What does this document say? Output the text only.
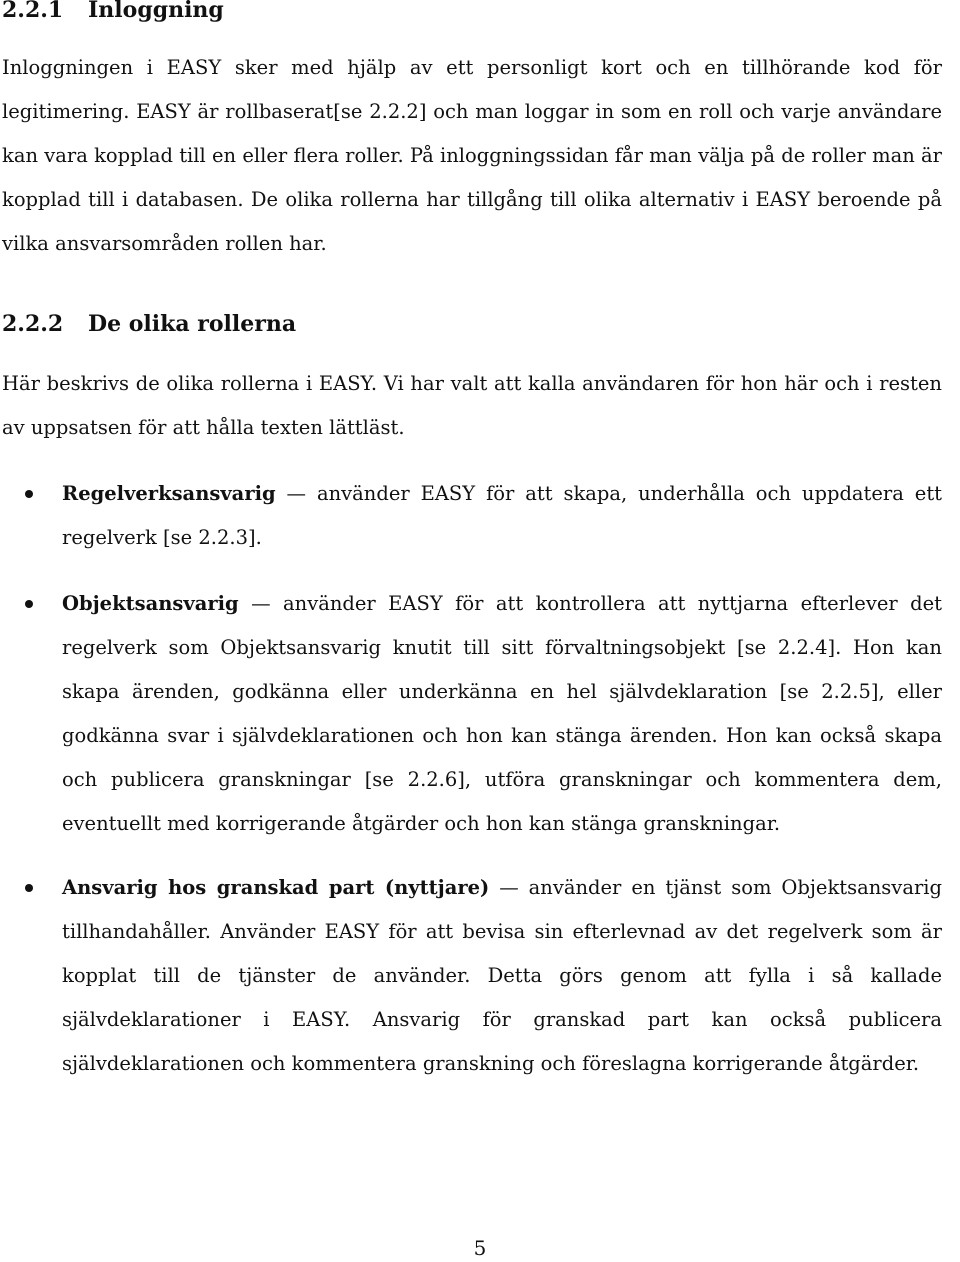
2.2.1 Inloggning

Inloggningen i EASY sker med hjälp av ett personligt kort och en tillhörande kod för legitimering. EASY är rollbaserat[se 2.2.2] och man loggar in som en roll och varje användare kan vara kopplad till en eller flera roller. På inloggningssidan får man välja på de roller man är kopplad till i databasen. De olika rollerna har tillgång till olika alternativ i EASY beroende på vilka ansvarsområden rollen har.

2.2.2 De olika rollerna

Här beskrivs de olika rollerna i EASY. Vi har valt att kalla användaren för hon här och i resten av uppsatsen för att hålla texten lättläst.

Regelverksansvarig — använder EASY för att skapa, underhålla och uppdatera ett regelverk [se 2.2.3].

Objektsansvarig — använder EASY för att kontrollera att nyttjarna efterlever det regelverk som Objektsansvarig knutit till sitt förvaltningsobjekt [se 2.2.4]. Hon kan skapa ärenden, godkänna eller underkänna en hel självdeklaration [se 2.2.5], eller godkänna svar i självdeklarationen och hon kan stänga ärenden. Hon kan också skapa och publicera granskningar [se 2.2.6], utföra granskningar och kommentera dem, eventuellt med korrigerande åtgärder och hon kan stänga granskningar.

Ansvarig hos granskad part (nyttjare) — använder en tjänst som Objektsansvarig tillhandahåller. Använder EASY för att bevisa sin efterlevnad av det regelverk som är kopplat till de tjänster de använder. Detta görs genom att fylla i så kallade självdeklarationer i EASY. Ansvarig för granskad part kan också publicera självdeklarationen och kommentera granskning och föreslagna korrigerande åtgärder.

5
